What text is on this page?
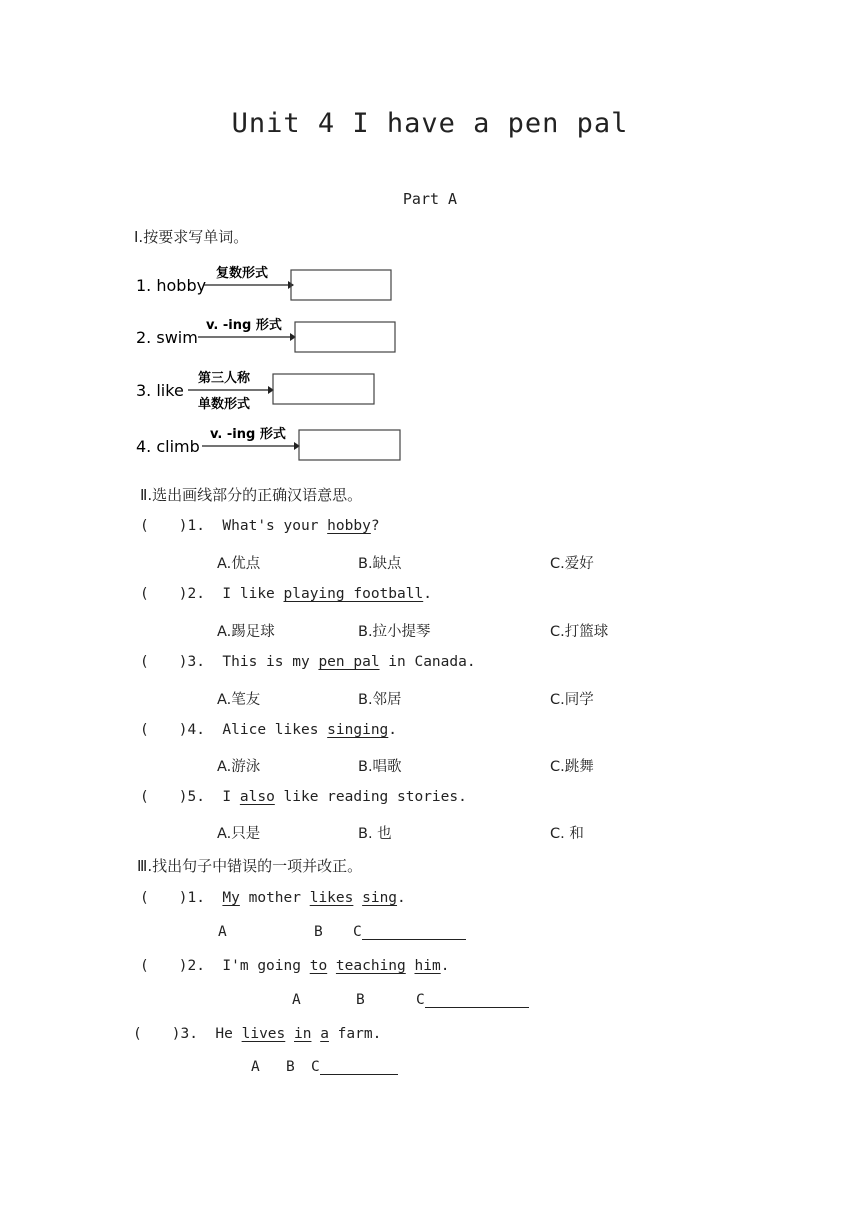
Unit 4 I have a pen pal
Part A
Ⅰ.按要求写单词。
1. hobby
复数形式
2. swim
v. -ing 形式
3. like
第三人称
单数形式
4. climb
v. -ing 形式
Ⅱ.选出画线部分的正确汉语意思。
( )1. What's your hobby?
A.优点	B.缺点	C.爱好
( )2. I like playing football.
A.踢足球	B.拉小提琴	C.打篮球
( )3. This is my pen pal in Canada.
A.笔友	B.邻居	C.同学
( )4. Alice likes singing.
A.游泳	B.唱歌	C.跳舞
( )5. I also like reading stories.
A.只是	B. 也	C. 和
Ⅲ.找出句子中错误的一项并改正。
( )1. My mother likes sing.
A	B C
( )2. I'm going to teaching him.
A	B	C
( )3. He lives in a farm.
A B C
